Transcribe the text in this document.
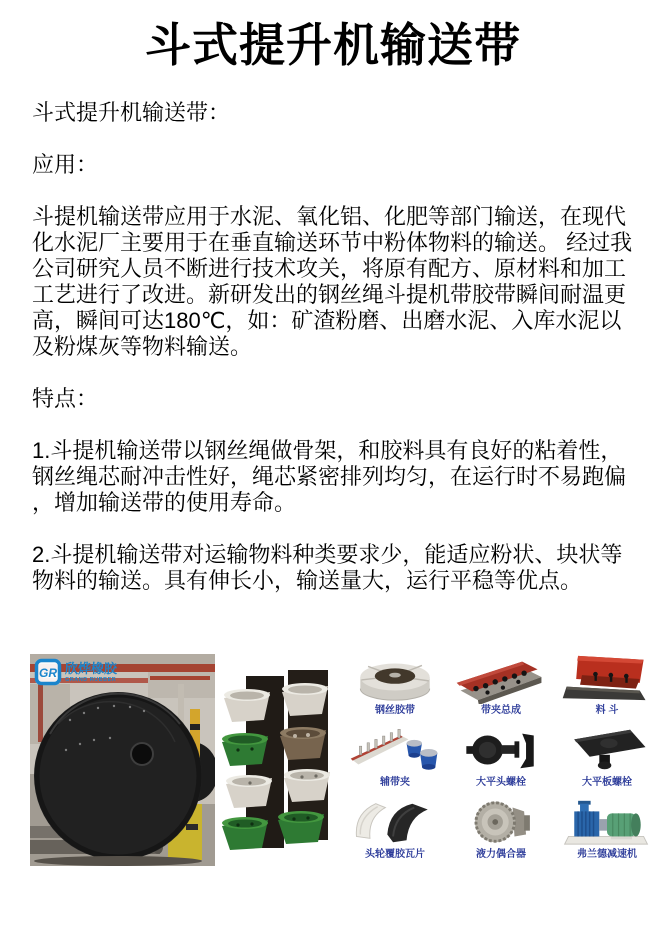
斗式提升机输送带

斗式提升机输送带：

应用：

斗提机输送带应用于水泥、氧化铝、化肥等部门输送，在现代化水泥厂主要用于在垂直输送环节中粉体物料的输送。 经过我公司研究人员不断进行技术攻关，将原有配方、原材料和加工工艺进行了改进。新研发出的钢丝绳斗提机带胶带瞬间耐温更高，瞬间可达180℃，如：矿渣粉磨、出磨水泥、入库水泥以及粉煤灰等物料输送。

特点：

1.斗提机输送带以钢丝绳做骨架，和胶料具有良好的粘着性，钢丝绳芯耐冲击性好，绳芯紧密排列均匀，在运行时不易跑偏，增加输送带的使用寿命。

2.斗提机输送带对运输物料种类要求少，能适应粉状、块状等物料的输送。具有伸长小，输送量大，运行平稳等优点。

GR 欣烨橡胶
GRAND RUBBER
钢丝胶带	带夹总成	料 斗
辅带夹	大平头螺栓	大平板螺栓
头轮覆胶瓦片	液力偶合器	弗兰德减速机
